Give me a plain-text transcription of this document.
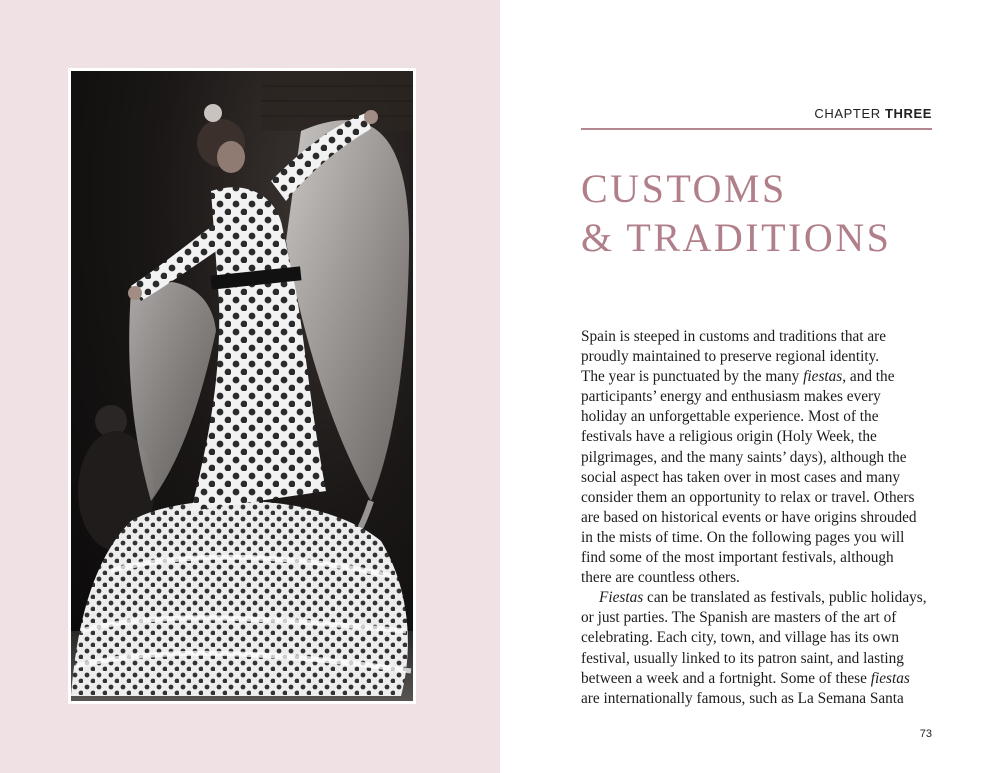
CHAPTER THREE
CUSTOMS
& TRADITIONS
Spain is steeped in customs and traditions that are
proudly maintained to preserve regional identity.
The year is punctuated by the many fiestas, and the
participants’ energy and enthusiasm makes every
holiday an unforgettable experience. Most of the
festivals have a religious origin (Holy Week, the
pilgrimages, and the many saints’ days), although the
social aspect has taken over in most cases and many
consider them an opportunity to relax or travel. Others
are based on historical events or have origins shrouded
in the mists of time. On the following pages you will
find some of the most important festivals, although
there are countless others.
Fiestas can be translated as festivals, public holidays,
or just parties. The Spanish are masters of the art of
celebrating. Each city, town, and village has its own
festival, usually linked to its patron saint, and lasting
between a week and a fortnight. Some of these fiestas
are internationally famous, such as La Semana Santa
73
